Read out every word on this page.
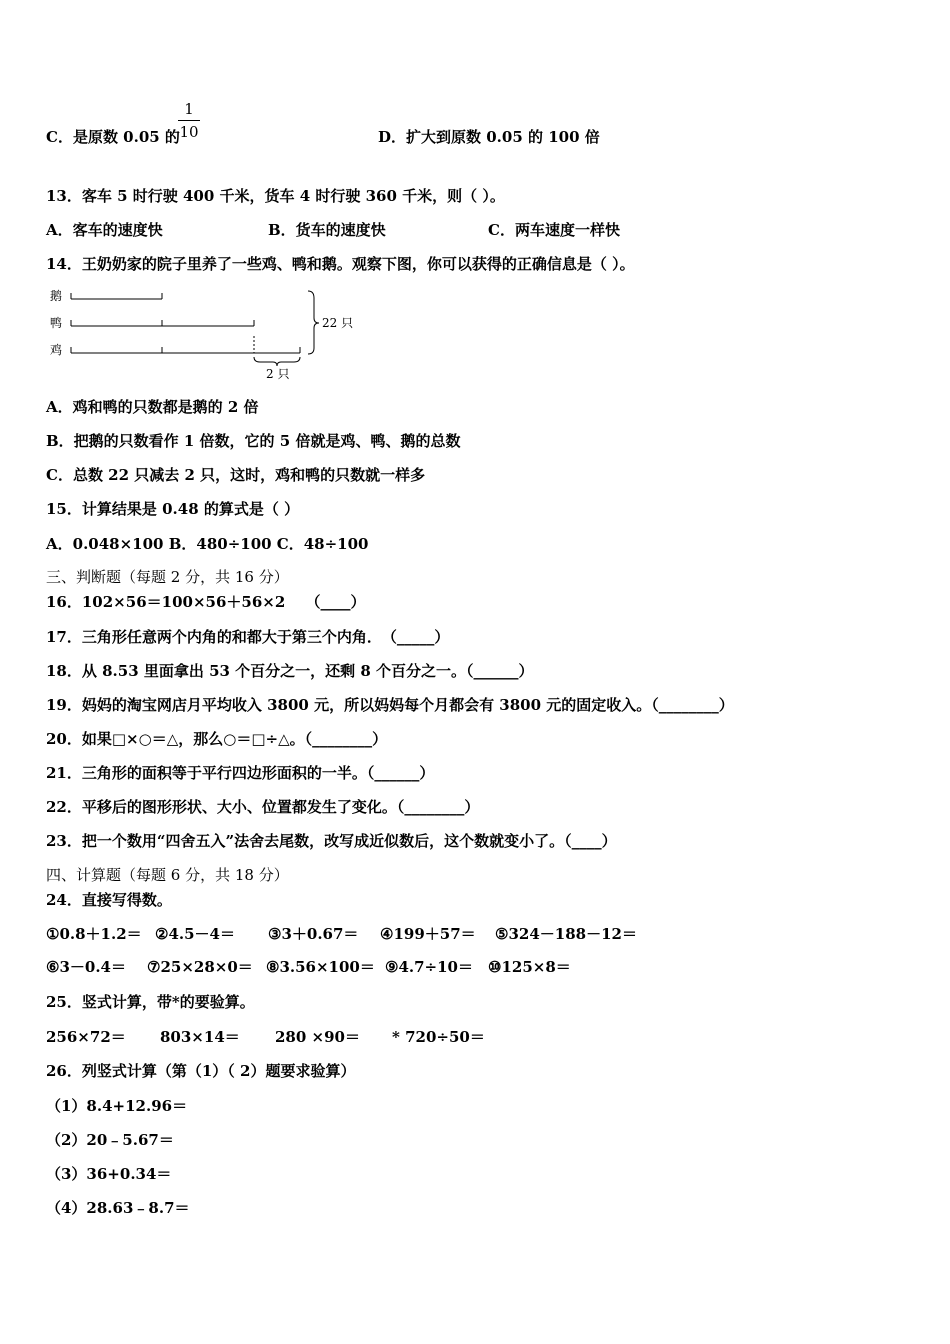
C．是原数 0.05 的
1
10	D．扩大到原数 0.05 的 100 倍
13．客车 5 时行驶 400 千米，货车 4 时行驶 360 千米，则（ ）。
A．客车的速度快	B．货车的速度快	C．两车速度一样快
14．王奶奶家的院子里养了一些鸡、鸭和鹅。观察下图，你可以获得的正确信息是（ ）。
鹅
鸭
鸡
22 只
2 只
A．鸡和鸭的只数都是鹅的 2 倍
B．把鹅的只数看作 1 倍数，它的 5 倍就是鸡、鸭、鹅的总数
C．总数 22 只减去 2 只，这时，鸡和鸭的只数就一样多
15．计算结果是 0.48 的算式是（ ）
A．0.048×100 B．480÷100 C．48÷100
三、判断题（每题 2 分，共 16 分）
16．102×56＝100×56＋56×2　 （____）
17．三角形任意两个内角的和都大于第三个内角．　（_____）
18．从 8.53 里面拿出 53 个百分之一，还剩 8 个百分之一。（______）
19．妈妈的淘宝网店月平均收入 3800 元，所以妈妈每个月都会有 3800 元的固定收入。（________）
20．如果□×○＝△，那么○＝□÷△。（________）
21．三角形的面积等于平行四边形面积的一半。（______）
22．平移后的图形形状、大小、位置都发生了变化。（________）
23．把一个数用“四舍五入”法舍去尾数，改写成近似数后，这个数就变小了。（____）
四、计算题（每题 6 分，共 18 分）
24．直接写得数。
①0.8＋1.2＝ ②4.5－4＝ ③3＋0.67＝ ④199＋57＝ ⑤324－188－12＝
⑥3－0.4＝ ⑦25×28×0＝ ⑧3.56×100＝ ⑨4.7÷10＝ ⑩125×8＝
25．竖式计算，带*的要验算。
256×72＝ 803×14＝ 280 ×90＝ * 720÷50＝
26．列竖式计算（第（1）（ 2）题要求验算）
（1）8.4+12.96＝
（2）20﹣5.67＝
（3）36+0.34＝
（4）28.63﹣8.7＝
